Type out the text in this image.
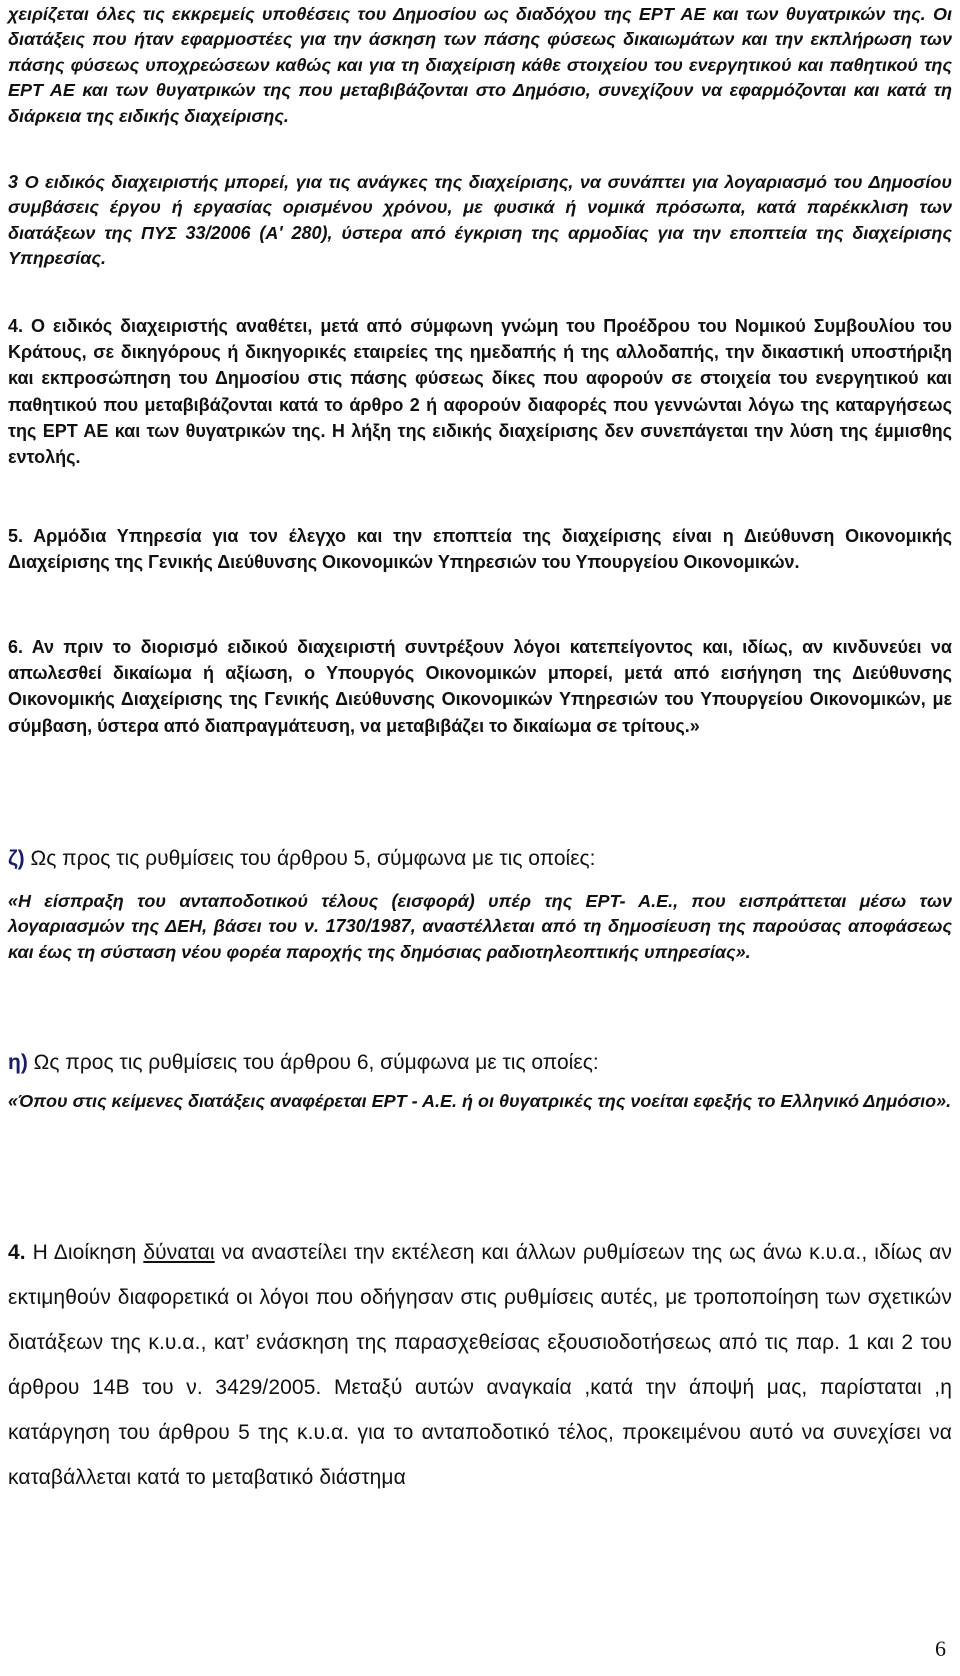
χειρίζεται όλες τις εκκρεμείς υποθέσεις του Δημοσίου ως διαδόχου της ΕΡΤ ΑΕ και των θυγατρικών της. Οι διατάξεις που ήταν εφαρμοστέες για την άσκηση των πάσης φύσεως δικαιωμάτων και την εκπλήρωση των πάσης φύσεως υποχρεώσεων καθώς και για τη διαχείριση κάθε στοιχείου του ενεργητικού και παθητικού της ΕΡΤ ΑΕ και των θυγατρικών της που μεταβιβάζονται στο Δημόσιο, συνεχίζουν να εφαρμόζονται και κατά τη διάρκεια της ειδικής διαχείρισης.

3 Ο ειδικός διαχειριστής μπορεί, για τις ανάγκες της διαχείρισης, να συνάπτει για λογαριασμό του Δημοσίου συμβάσεις έργου ή εργασίας ορισμένου χρόνου, με φυσικά ή νομικά πρόσωπα, κατά παρέκκλιση των διατάξεων της ΠΥΣ 33/2006 (Α' 280), ύστερα από έγκριση της αρμοδίας για την εποπτεία της διαχείρισης Υπηρεσίας.

4. Ο ειδικός διαχειριστής αναθέτει, μετά από σύμφωνη γνώμη του Προέδρου του Νομικού Συμβουλίου του Κράτους, σε δικηγόρους ή δικηγορικές εταιρείες της ημεδαπής ή της αλλοδαπής, την δικαστική υποστήριξη και εκπροσώπηση του Δημοσίου στις πάσης φύσεως δίκες που αφορούν σε στοιχεία του ενεργητικού και παθητικού που μεταβιβάζονται κατά το άρθρο 2 ή αφορούν διαφορές που γεννώνται λόγω της καταργήσεως της ΕΡΤ ΑΕ και των θυγατρικών της. Η λήξη της ειδικής διαχείρισης δεν συνεπάγεται την λύση της έμμισθης εντολής.

5. Αρμόδια Υπηρεσία για τον έλεγχο και την εποπτεία της διαχείρισης είναι η Διεύθυνση Οικονομικής Διαχείρισης της Γενικής Διεύθυνσης Οικονομικών Υπηρεσιών του Υπουργείου Οικονομικών.

6. Αν πριν το διορισμό ειδικού διαχειριστή συντρέξουν λόγοι κατεπείγοντος και, ιδίως, αν κινδυνεύει να απωλεσθεί δικαίωμα ή αξίωση, ο Υπουργός Οικονομικών μπορεί, μετά από εισήγηση της Διεύθυνσης Οικονομικής Διαχείρισης της Γενικής Διεύθυνσης Οικονομικών Υπηρεσιών του Υπουργείου Οικονομικών, με σύμβαση, ύστερα από διαπραγμάτευση, να μεταβιβάζει το δικαίωμα σε τρίτους.»

ζ) Ως προς τις ρυθμίσεις του άρθρου 5, σύμφωνα με τις οποίες:

«Η είσπραξη του ανταποδοτικού τέλους (εισφορά) υπέρ της ΕΡΤ- Α.Ε., που εισπράττεται μέσω των λογαριασμών της ΔΕΗ, βάσει του ν. 1730/1987, αναστέλλεται από τη δημοσίευση της παρούσας αποφάσεως και έως τη σύσταση νέου φορέα παροχής της δημόσιας ραδιοτηλεοπτικής υπηρεσίας».

η) Ως προς τις ρυθμίσεις του άρθρου 6, σύμφωνα με τις οποίες:

«Όπου στις κείμενες διατάξεις αναφέρεται ΕΡΤ - Α.Ε. ή οι θυγατρικές της νοείται εφεξής το Ελληνικό Δημόσιο».

4. Η Διοίκηση δύναται να αναστείλει την εκτέλεση και άλλων ρυθμίσεων της ως άνω κ.υ.α., ιδίως αν εκτιμηθούν διαφορετικά οι λόγοι που οδήγησαν στις ρυθμίσεις αυτές, με τροποποίηση των σχετικών διατάξεων της κ.υ.α., κατ’ ενάσκηση της παρασχεθείσας εξουσιοδοτήσεως από τις παρ. 1 και 2 του άρθρου 14Β του ν. 3429/2005. Μεταξύ αυτών αναγκαία ,κατά την άποψή μας, παρίσταται ,η κατάργηση του άρθρου 5 της κ.υ.α. για το ανταποδοτικό τέλος, προκειμένου αυτό να συνεχίσει να καταβάλλεται κατά το μεταβατικό διάστημα

6
